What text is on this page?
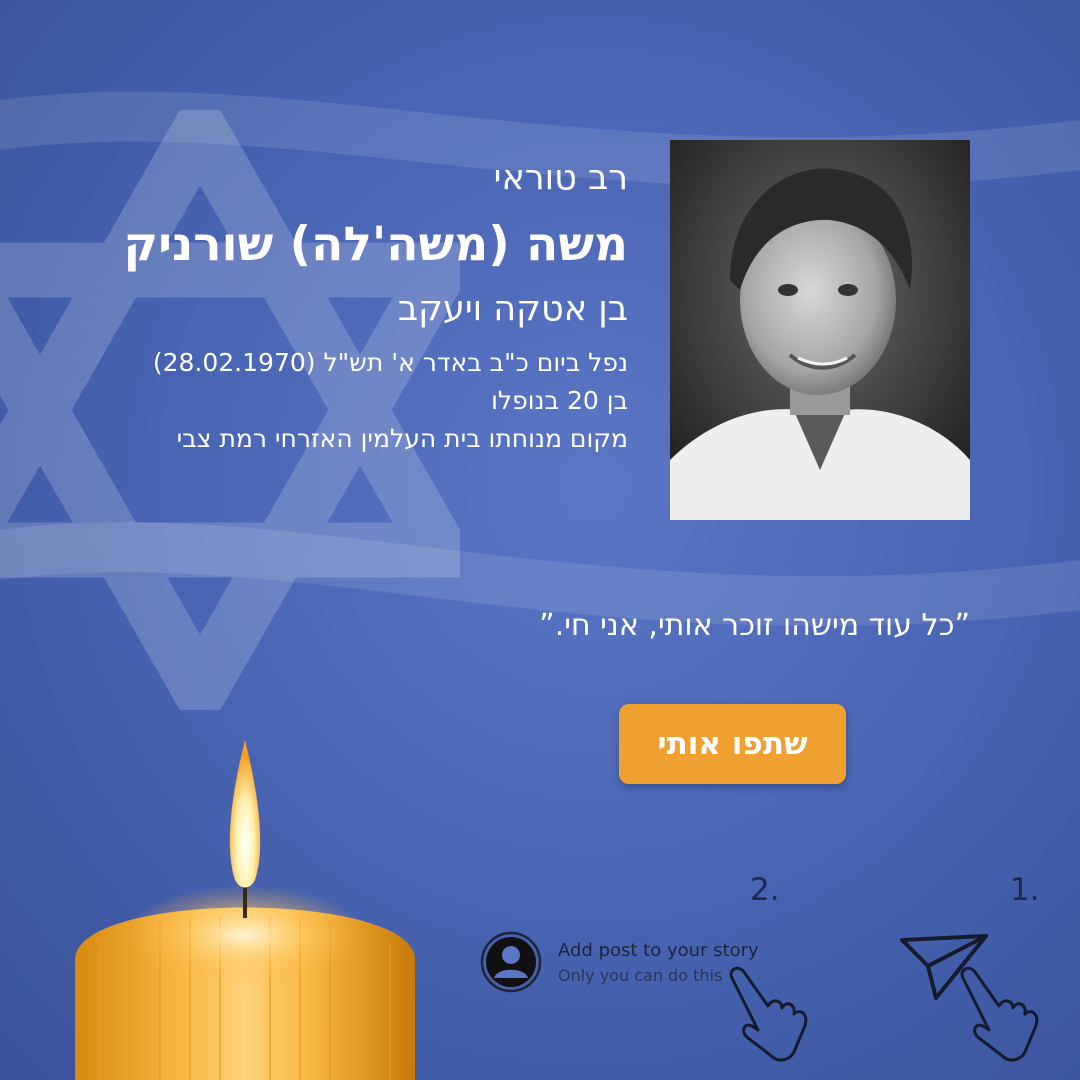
רב טוראי
משה (משה'לה) שורניק
בן אטקה ויעקב
נפל ביום כ"ב באדר א' תש"ל (28.02.1970)
בן 20 בנופלו
מקום מנוחתו בית העלמין האזרחי רמת צבי
”כל עוד מישהו זוכר אותי, אני חי.”
שתפו אותי
1.
2.
Add post to your story
Only you can do this
